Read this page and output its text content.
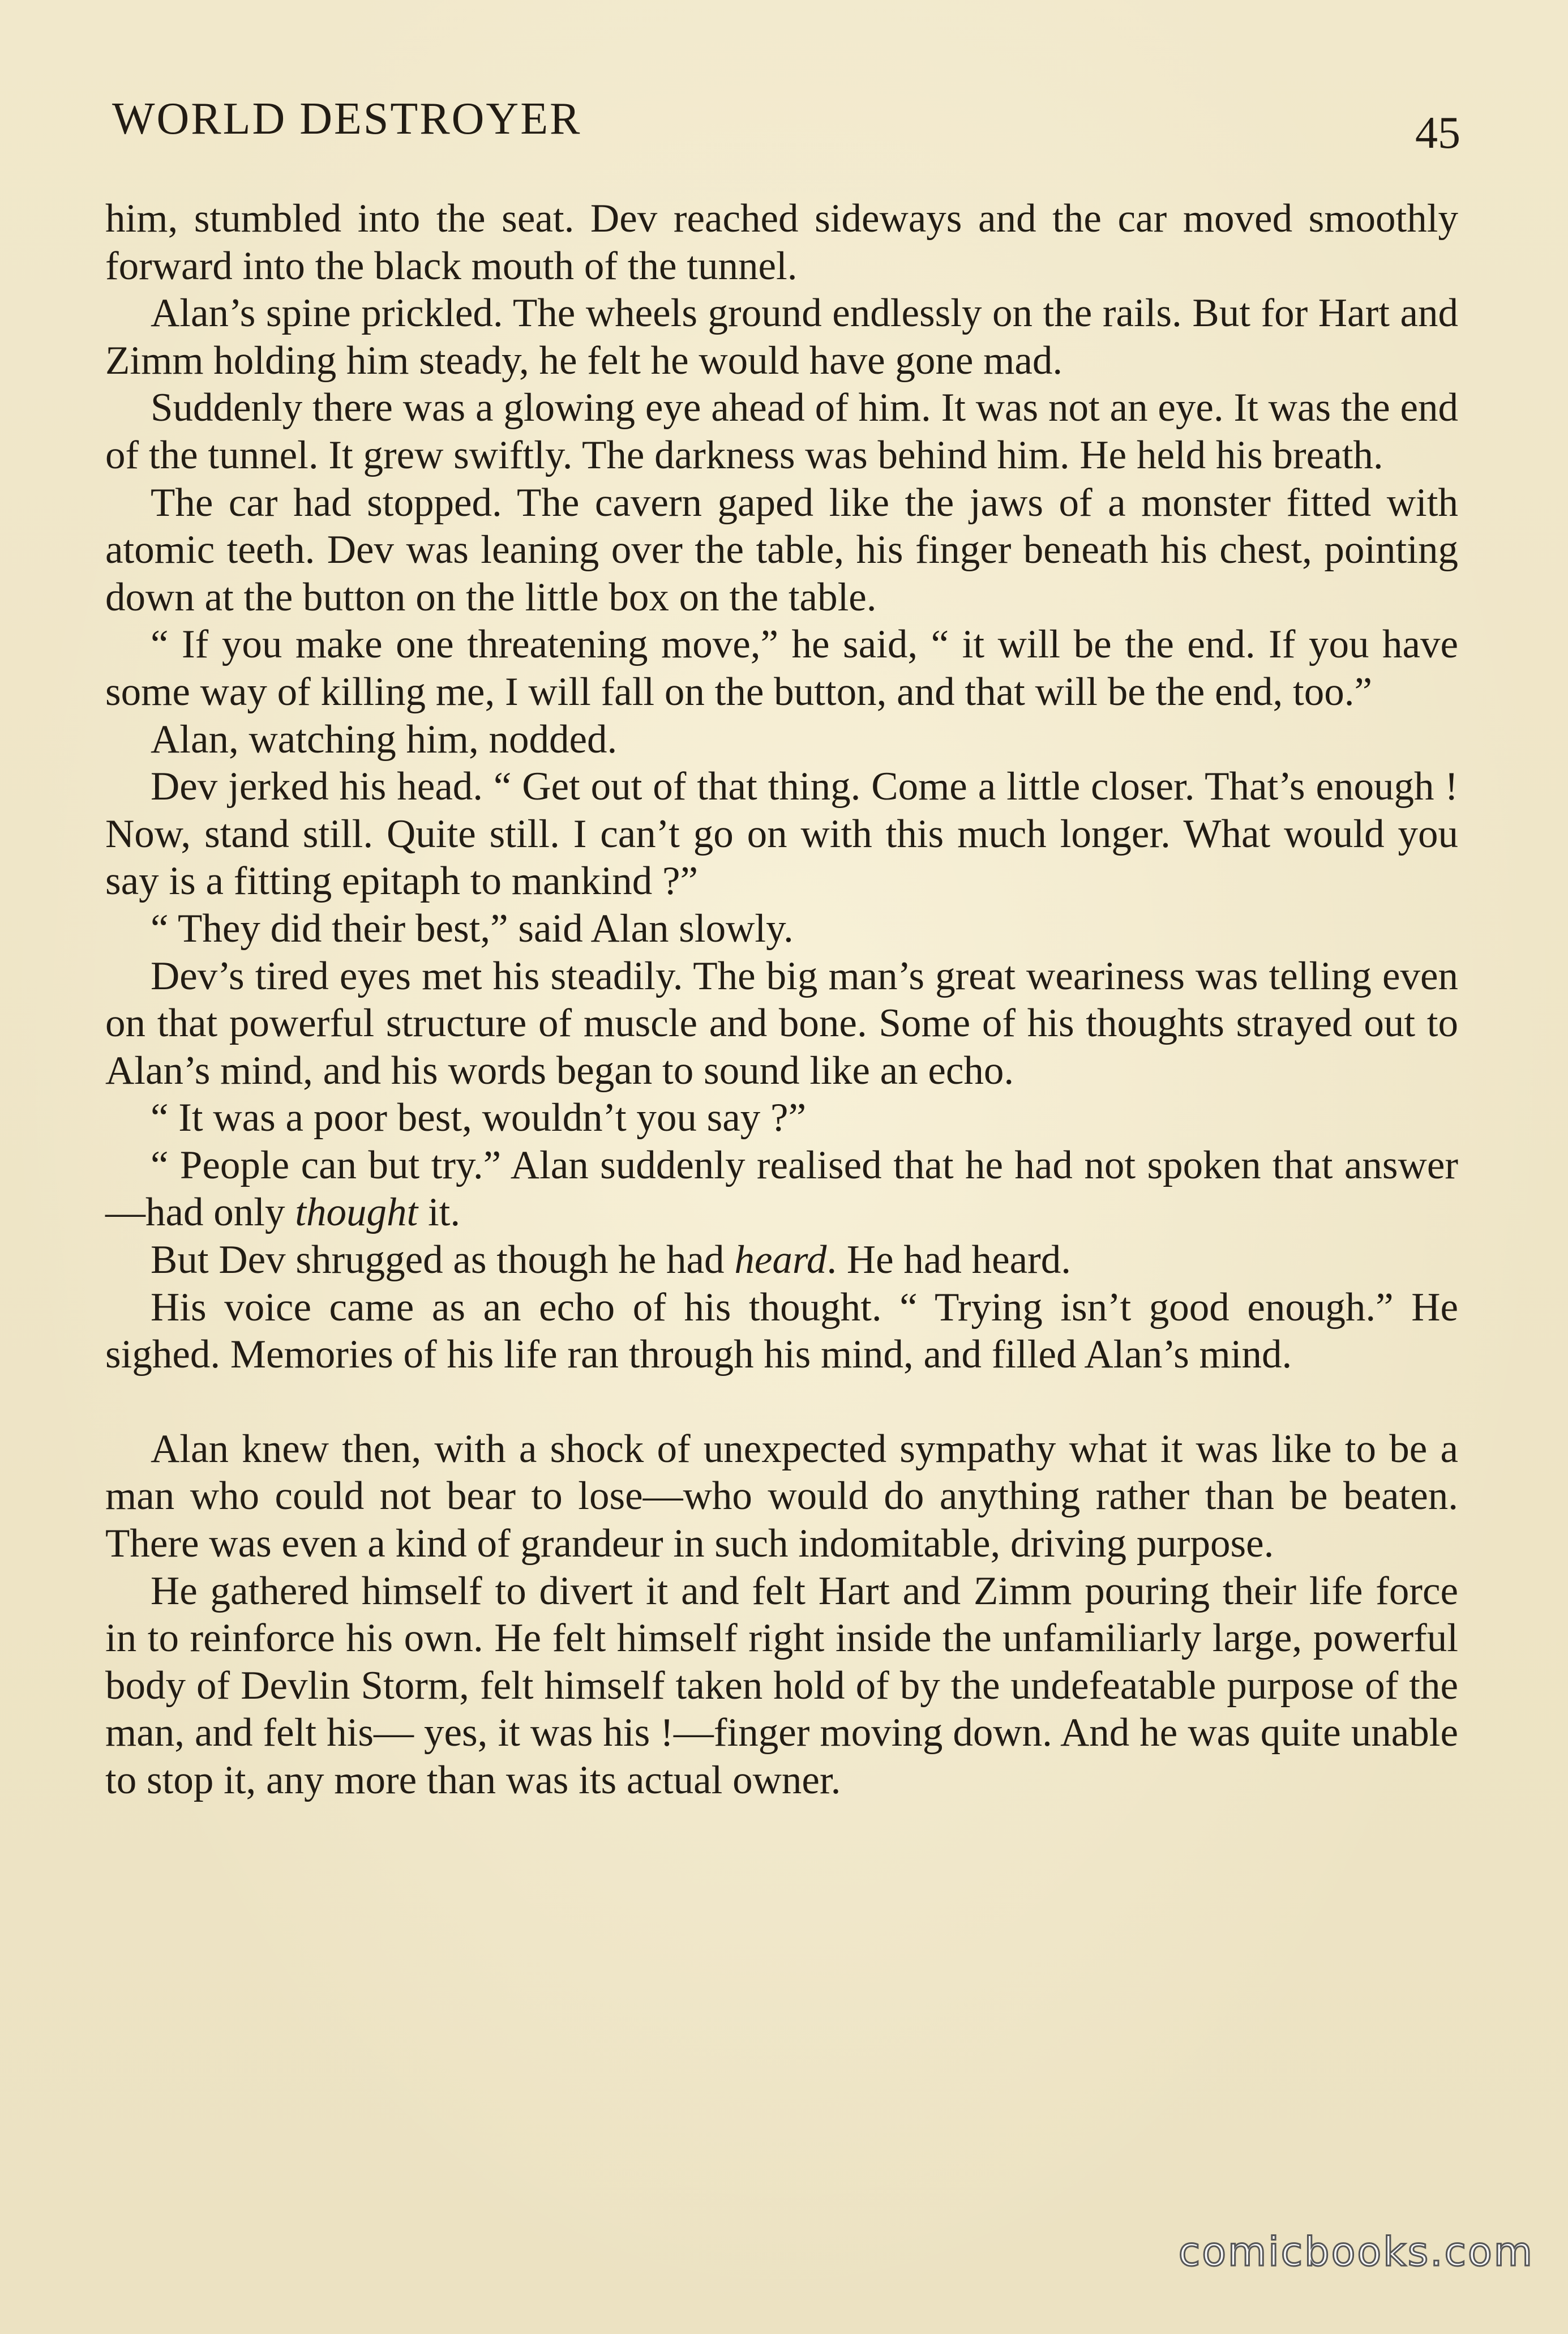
WORLD DESTROYER	45

him, stumbled into the seat. Dev reached sideways and the car moved smoothly forward into the black mouth of the tunnel.

Alan’s spine prickled. The wheels ground endlessly on the rails. But for Hart and Zimm holding him steady, he felt he would have gone mad.

Suddenly there was a glowing eye ahead of him. It was not an eye. It was the end of the tunnel. It grew swiftly. The darkness was behind him. He held his breath.

The car had stopped. The cavern gaped like the jaws of a monster fitted with atomic teeth. Dev was leaning over the table, his finger beneath his chest, pointing down at the button on the little box on the table.

“ If you make one threatening move,” he said, “ it will be the end. If you have some way of killing me, I will fall on the button, and that will be the end, too.”

Alan, watching him, nodded.

Dev jerked his head. “ Get out of that thing. Come a little closer. That’s enough ! Now, stand still. Quite still. I can’t go on with this much longer. What would you say is a fitting epitaph to mankind ?”

“ They did their best,” said Alan slowly.

Dev’s tired eyes met his steadily. The big man’s great weariness was telling even on that powerful structure of muscle and bone. Some of his thoughts strayed out to Alan’s mind, and his words began to sound like an echo.

“ It was a poor best, wouldn’t you say ?”

“ People can but try.” Alan suddenly realised that he had not spoken that answer—had only thought it.

But Dev shrugged as though he had heard. He had heard.

His voice came as an echo of his thought. “ Trying isn’t good enough.” He sighed. Memories of his life ran through his mind, and filled Alan’s mind.

Alan knew then, with a shock of unexpected sympathy what it was like to be a man who could not bear to lose—who would do anything rather than be beaten. There was even a kind of grandeur in such indomitable, driving purpose.

He gathered himself to divert it and felt Hart and Zimm pouring their life force in to reinforce his own. He felt himself right inside the unfamiliarly large, powerful body of Devlin Storm, felt himself taken hold of by the undefeatable purpose of the man, and felt his— yes, it was his !—finger moving down. And he was quite unable to stop it, any more than was its actual owner.

comicbooks.com
